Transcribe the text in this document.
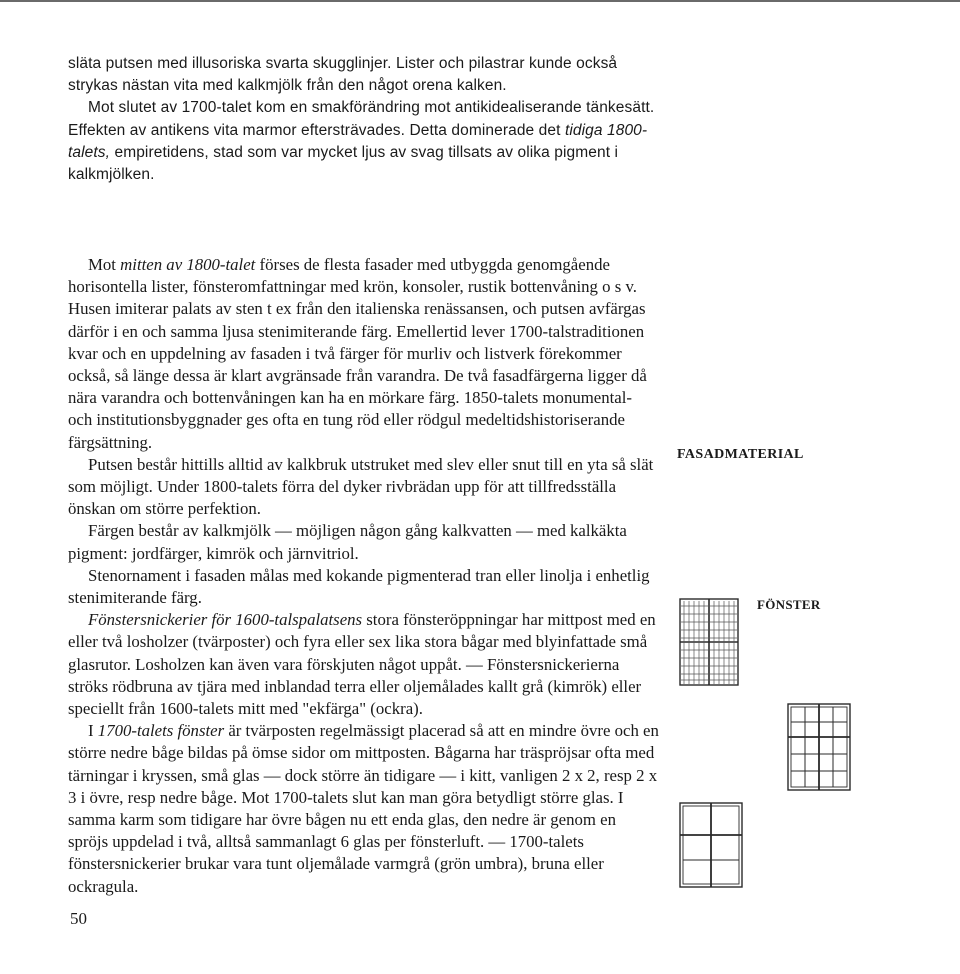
släta putsen med illusoriska svarta skugglinjer. Lister och pilastrar kunde också strykas nästan vita med kalkmjölk från den något orena kalken.

Mot slutet av 1700-talet kom en smakförändring mot antikidealiserande tänkesätt. Effekten av antikens vita marmor eftersträvades. Detta dominerade det tidiga 1800-talets, empiretidens, stad som var mycket ljus av svag tillsats av olika pigment i kalkmjölken.

Mot mitten av 1800-talet förses de flesta fasader med utbyggda genomgående horisontella lister, fönsteromfattningar med krön, konsoler, rustik bottenvåning o s v. Husen imiterar palats av sten t ex från den italienska renässansen, och putsen avfärgas därför i en och samma ljusa stenimiterande färg. Emellertid lever 1700-talstraditionen kvar och en uppdelning av fasaden i två färger för murliv och listverk förekommer också, så länge dessa är klart avgränsade från varandra. De två fasadfärgerna ligger då nära varandra och bottenvåningen kan ha en mörkare färg. 1850-talets monumental- och institutionsbyggnader ges ofta en tung röd eller rödgul medeltidshistoriserande färgsättning.

Putsen består hittills alltid av kalkbruk utstruket med slev eller snut till en yta så slät som möjligt. Under 1800-talets förra del dyker rivbrädan upp för att tillfredsställa önskan om större perfektion.

Färgen består av kalkmjölk — möjligen någon gång kalkvatten — med kalkäkta pigment: jordfärger, kimrök och järnvitriol.

Stenornament i fasaden målas med kokande pigmenterad tran eller linolja i enhetlig stenimiterande färg.

Fönstersnickerier för 1600-talspalatsens stora fönsteröppningar har mittpost med en eller två losholzer (tvärposter) och fyra eller sex lika stora bågar med blyinfattade små glasrutor. Losholzen kan även vara förskjuten något uppåt. — Fönstersnickerierna ströks rödbruna av tjära med inblandad terra eller oljemålades kallt grå (kimrök) eller speciellt från 1600-talets mitt med "ekfärga" (ockra).

I 1700-talets fönster är tvärposten regelmässigt placerad så att en mindre övre och en större nedre båge bildas på ömse sidor om mittposten. Bågarna har träspröjsar ofta med tärningar i kryssen, små glas — dock större än tidigare — i kitt, vanligen 2 x 2, resp 2 x 3 i övre, resp nedre båge. Mot 1700-talets slut kan man göra betydligt större glas. I samma karm som tidigare har övre bågen nu ett enda glas, den nedre är genom en spröjs uppdelad i två, alltså sammanlagt 6 glas per fönsterluft. — 1700-talets fönstersnickerier brukar vara tunt oljemålade varmgrå (grön umbra), bruna eller ockragula.

FASADMATERIAL
FÖNSTER
50
